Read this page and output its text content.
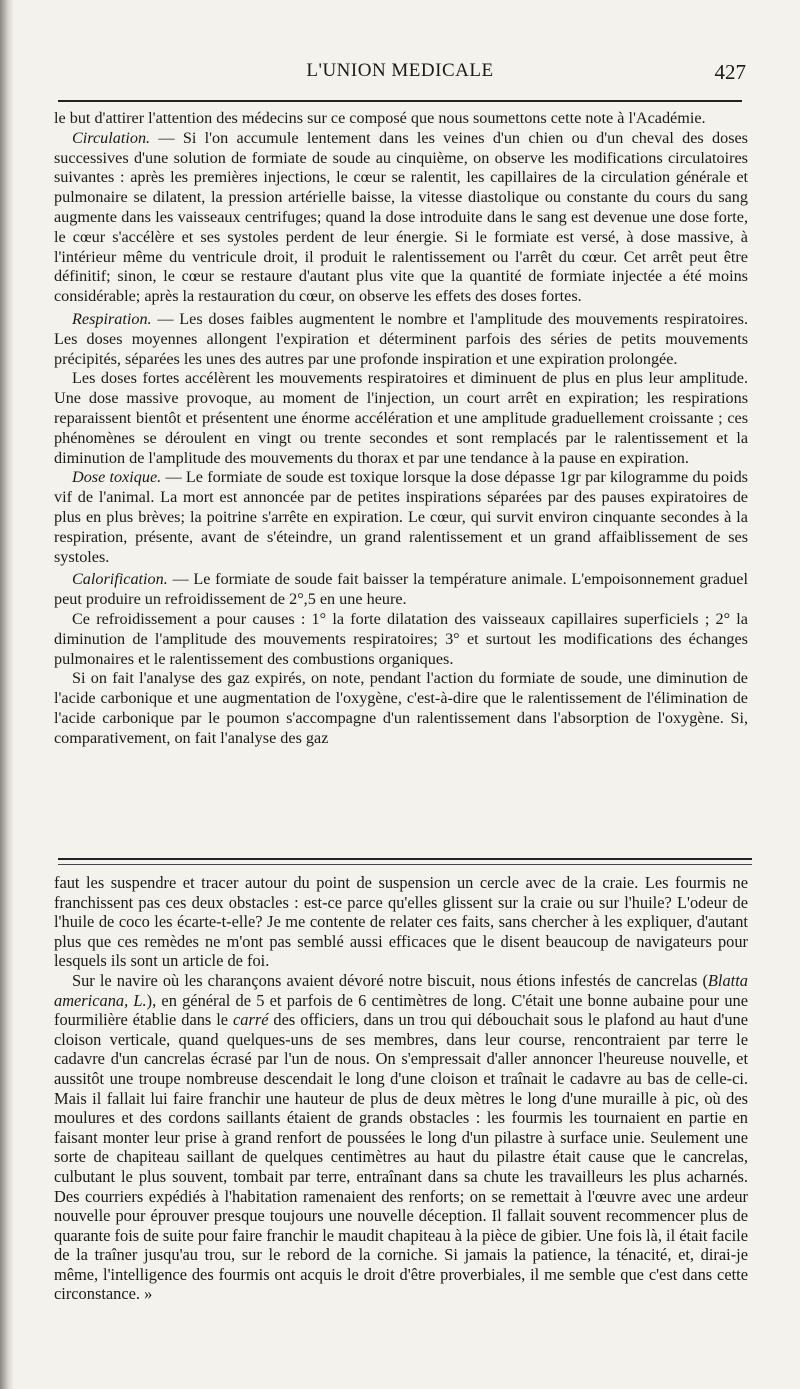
L'UNION MEDICALE	427

le but d'attirer l'attention des médecins sur ce composé que nous soumettons cette note à l'Académie.

Circulation. — Si l'on accumule lentement dans les veines d'un chien ou d'un cheval des doses successives d'une solution de formiate de soude au cinquième, on observe les modifications circulatoires suivantes : après les premières injections, le cœur se ralentit, les capillaires de la circulation générale et pulmonaire se dilatent, la pression artérielle baisse, la vitesse diastolique ou constante du cours du sang augmente dans les vaisseaux centrifuges; quand la dose introduite dans le sang est devenue une dose forte, le cœur s'accélère et ses systoles perdent de leur énergie. Si le formiate est versé, à dose massive, à l'intérieur même du ventricule droit, il produit le ralentissement ou l'arrêt du cœur. Cet arrêt peut être définitif; sinon, le cœur se restaure d'autant plus vite que la quantité de formiate injectée a été moins considérable; après la restauration du cœur, on observe les effets des doses fortes.

Respiration. — Les doses faibles augmentent le nombre et l'amplitude des mouvements respiratoires. Les doses moyennes allongent l'expiration et déterminent parfois des séries de petits mouvements précipités, séparées les unes des autres par une profonde inspiration et une expiration prolongée.

Les doses fortes accélèrent les mouvements respiratoires et diminuent de plus en plus leur amplitude. Une dose massive provoque, au moment de l'injection, un court arrêt en expiration; les respirations reparaissent bientôt et présentent une énorme accélération et une amplitude graduellement croissante ; ces phénomènes se déroulent en vingt ou trente secondes et sont remplacés par le ralentissement et la diminution de l'amplitude des mouvements du thorax et par une tendance à la pause en expiration.

Dose toxique. — Le formiate de soude est toxique lorsque la dose dépasse 1gr par kilogramme du poids vif de l'animal. La mort est annoncée par de petites inspirations séparées par des pauses expiratoires de plus en plus brèves; la poitrine s'arrête en expiration. Le cœur, qui survit environ cinquante secondes à la respiration, présente, avant de s'éteindre, un grand ralentissement et un grand affaiblissement de ses systoles.

Calorification. — Le formiate de soude fait baisser la température animale. L'empoisonnement graduel peut produire un refroidissement de 2°,5 en une heure.

Ce refroidissement a pour causes : 1° la forte dilatation des vaisseaux capillaires superficiels ; 2° la diminution de l'amplitude des mouvements respiratoires; 3° et surtout les modifications des échanges pulmonaires et le ralentissement des combustions organiques.

Si on fait l'analyse des gaz expirés, on note, pendant l'action du formiate de soude, une diminution de l'acide carbonique et une augmentation de l'oxygène, c'est-à-dire que le ralentissement de l'élimination de l'acide carbonique par le poumon s'accompagne d'un ralentissement dans l'absorption de l'oxygène. Si, comparativement, on fait l'analyse des gaz

faut les suspendre et tracer autour du point de suspension un cercle avec de la craie. Les fourmis ne franchissent pas ces deux obstacles : est-ce parce qu'elles glissent sur la craie ou sur l'huile? L'odeur de l'huile de coco les écarte-t-elle? Je me contente de relater ces faits, sans chercher à les expliquer, d'autant plus que ces remèdes ne m'ont pas semblé aussi efficaces que le disent beaucoup de navigateurs pour lesquels ils sont un article de foi.

Sur le navire où les charançons avaient dévoré notre biscuit, nous étions infestés de cancrelas (Blatta americana, L.), en général de 5 et parfois de 6 centimètres de long. C'était une bonne aubaine pour une fourmilière établie dans le carré des officiers, dans un trou qui débouchait sous le plafond au haut d'une cloison verticale, quand quelques-uns de ses membres, dans leur course, rencontraient par terre le cadavre d'un cancrelas écrasé par l'un de nous. On s'empressait d'aller annoncer l'heureuse nouvelle, et aussitôt une troupe nombreuse descendait le long d'une cloison et traînait le cadavre au bas de celle-ci. Mais il fallait lui faire franchir une hauteur de plus de deux mètres le long d'une muraille à pic, où des moulures et des cordons saillants étaient de grands obstacles : les fourmis les tournaient en partie en faisant monter leur prise à grand renfort de poussées le long d'un pilastre à surface unie. Seulement une sorte de chapiteau saillant de quelques centimètres au haut du pilastre était cause que le cancrelas, culbutant le plus souvent, tombait par terre, entraînant dans sa chute les travailleurs les plus acharnés. Des courriers expédiés à l'habitation ramenaient des renforts; on se remettait à l'œuvre avec une ardeur nouvelle pour éprouver presque toujours une nouvelle déception. Il fallait souvent recommencer plus de quarante fois de suite pour faire franchir le maudit chapiteau à la pièce de gibier. Une fois là, il était facile de la traîner jusqu'au trou, sur le rebord de la corniche. Si jamais la patience, la ténacité, et, dirai-je même, l'intelligence des fourmis ont acquis le droit d'être proverbiales, il me semble que c'est dans cette circonstance. »
